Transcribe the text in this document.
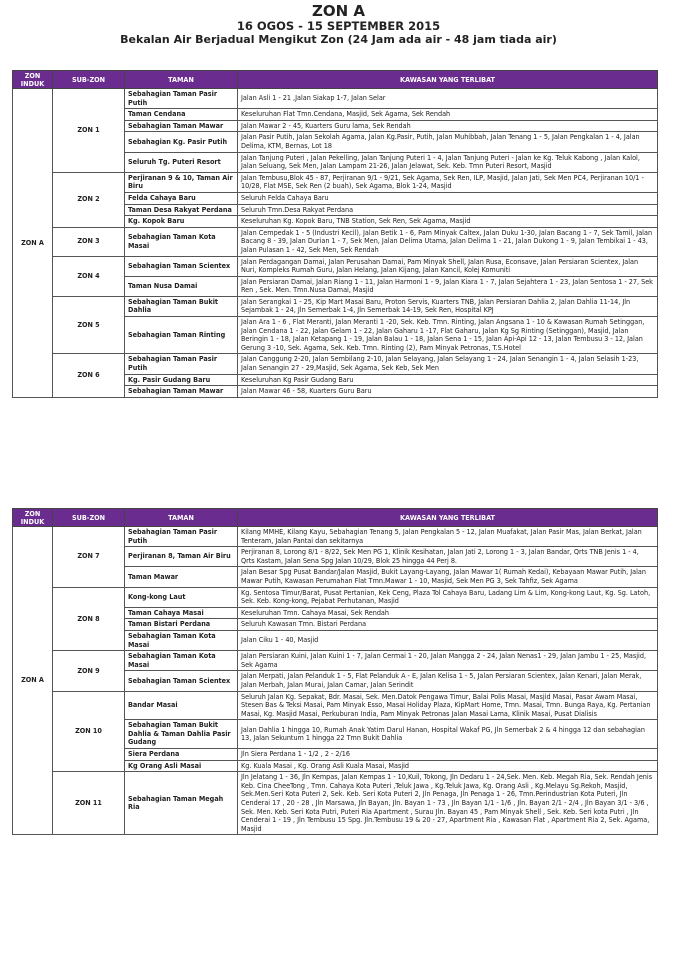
ZON A
16 OGOS - 15 SEPTEMBER 2015
Bekalan Air Berjadual Mengikut Zon (24 Jam ada air - 48 jam tiada air)
ZON INDUK	SUB-ZON	TAMAN	KAWASAN YANG TERLIBAT
ZON A	ZON 1	Sebahagian Taman Pasir Putih	Jalan Asli 1 - 21 ,Jalan Siakap 1-7, Jalan Selar
		Taman Cendana	Keseluruhan Flat Tmn.Cendana, Masjid, Sek Agama, Sek Rendah
		Sebahagian Taman Mawar	Jalan Mawar 2 - 45, Kuarters Guru lama, Sek Rendah
		Sebahagian Kg. Pasir Putih	Jalan Pasir Putih, Jalan Sekolah Agama, Jalan Kg.Pasir, Putih, Jalan Muhibbah, Jalan Tenang 1 - 5, Jalan Pengkalan 1 - 4, Jalan Delima, KTM, Bernas, Lot 18
		Seluruh Tg. Puteri Resort	Jalan Tanjung Puteri , Jalan Pekelling, Jalan Tanjung Puteri 1 - 4, Jalan Tanjung Puteri - Jalan ke Kg. Teluk Kabong , Jalan Kalol, Jalan Seluang, Sek Men, Jalan Lampam 21-26, Jalan Jelawat, Sek. Keb. Tmn Puteri Resort, Masjid
	ZON 2	Perjiranan 9 & 10, Taman Air Biru	Jalan Tembusu,Blok 45 - 87, Perjiranan 9/1 - 9/21, Sek Agama, Sek Ren, ILP, Masjid, Jalan Jati, Sek Men PC4, Perjiranan 10/1 - 10/28, Flat MSE, Sek Ren (2 buah), Sek Agama, Blok 1-24, Masjid
		Felda Cahaya Baru	Seluruh Felda Cahaya Baru
		Taman Desa Rakyat Perdana	Seluruh Tmn.Desa Rakyat Perdana
		Kg. Kopok Baru	Keseluruhan Kg. Kopok Baru, TNB Station, Sek Ren, Sek Agama, Masjid
	ZON 3	Sebahagian Taman Kota Masai	Jalan Cempedak 1 - 5 (Industri Kecil), Jalan Betik 1 - 6, Pam Minyak Caltex, Jalan Duku 1-30, Jalan Bacang 1 - 7, Sek Tamil, Jalan Bacang 8 - 39, Jalan Durian 1 - 7, Sek Men, Jalan Delima Utama, Jalan Delima 1 - 21, Jalan Dukong 1 - 9, Jalan Tembikai 1 - 43, Jalan Pulasan 1 - 42, Sek Men, Sek Rendah
	ZON 4	Sebahagian Taman Scientex	Jalan Perdagangan Damai, Jalan Perusahan Damai, Pam Minyak Shell, Jalan Rusa, Econsave, Jalan Persiaran Scientex, Jalan Nuri, Kompleks Rumah Guru, Jalan Helang, Jalan Kijang, Jalan Kancil, Kolej Komuniti
		Taman Nusa Damai	Jalan Persiaran Damai, Jalan Riang 1 - 11, Jalan Harmoni 1 - 9, Jalan Kiara 1 - 7, Jalan Sejahtera 1 - 23, Jalan Sentosa 1 - 27, Sek Ren , Sek. Men. Tmn.Nusa Damai, Masjid
	ZON 5	Sebahagian Taman Bukit Dahlia	Jalan Serangkai 1 - 25, Kip Mart Masai Baru, Proton Servis, Kuarters TNB, Jalan Persiaran Dahlia 2, Jalan Dahlia 11-14, Jln Sejambak 1 - 24, Jln Semerbak 1-4, Jln Semerbak 14-19, Sek Ren, Hospital KPJ
		Sebahagian Taman Rinting	Jalan Ara 1 - 6 , Flat Meranti, Jalan Meranti 1 -20, Sek. Keb. Tmn. Rinting, Jalan Angsana 1 - 10 & Kawasan Rumah Setinggan, Jalan Cendana 1 - 22, Jalan Gelam 1 - 22, Jalan Gaharu 1 -17, Flat Gaharu, Jalan Kg Sg Rinting (Setinggan), Masjid, Jalan Beringin 1 - 18, Jalan Ketapang 1 - 19, Jalan Balau 1 - 18, Jalan Sena 1 - 15, Jalan Api-Api 12 - 13, Jalan Tembusu 3 - 12, Jalan Gerung 3 -10, Sek. Agama, Sek. Keb. Tmn. Rinting (2), Pam Minyak Petronas, T.S.Hotel
	ZON 6	Sebahagian Taman Pasir Putih	Jalan Canggung 2-20, Jalan Sembilang 2-10, Jalan Selayang, Jalan Selayang 1 - 24, Jalan Senangin 1 - 4, Jalan Selasih 1-23, Jalan Senangin 27 - 29,Masjid, Sek Agama, Sek Keb, Sek Men
		Kg. Pasir Gudang Baru	Keseluruhan Kg Pasir Gudang Baru
		Sebahagian Taman Mawar	Jalan Mawar 46 - 58, Kuarters Guru Baru
ZON INDUK	SUB-ZON	TAMAN	KAWASAN YANG TERLIBAT
ZON A	ZON 7	Sebahagian Taman Pasir Putih	Kilang MMHE, Kilang Kayu, Sebahagian Tenang 5, Jalan Pengkalan 5 - 12, Jalan Muafakat, Jalan Pasir Mas, Jalan Berkat, Jalan Tenteram, Jalan Pantai dan sekitarnya
		Perjiranan 8, Taman Air Biru	Perjiranan 8, Lorong 8/1 - 8/22, Sek Men PG 1, Klinik Kesihatan, Jalan Jati 2, Lorong 1 - 3, Jalan Bandar, Qrts TNB Jenis 1 - 4, Qrts Kastam, Jalan Sena Spg Jalan 10/29, Blok 25 hingga 44 Perj 8.
		Taman Mawar	Jalan Besar Spg Pusat Bandar/Jalan Masjid, Bukit Layang-Layang, Jalan Mawar 1( Rumah Kedai), Kebayaan Mawar Putih, Jalan Mawar Putih, Kawasan Perumahan Flat Tmn.Mawar 1 - 10, Masjid, Sek Men PG 3, Sek Tahfiz, Sek Agama
	ZON 8	Kong-kong Laut	Kg. Sentosa Timur/Barat, Pusat Pertanian, Kek Ceng, Plaza Tol Cahaya Baru, Ladang Lim & Lim, Kong-kong Laut, Kg. Sg. Latoh, Sek. Keb. Kong-kong, Pejabat Perhutanan, Masjid
		Taman Cahaya Masai	Keseluruhan Tmn. Cahaya Masai, Sek Rendah
		Taman Bistari Perdana	Seluruh Kawasan Tmn. Bistari Perdana
		Sebahagian Taman Kota Masai	Jalan Ciku 1 - 40, Masjid
	ZON 9	Sebahagian Taman Kota Masai	Jalan Persiaran Kuini, Jalan Kuini 1 - 7, Jalan Cermai 1 - 20, Jalan Mangga 2 - 24, Jalan Nenas1 - 29, Jalan Jambu 1 - 25, Masjid, Sek Agama
		Sebahagian Taman Scientex	Jalan Merpati, Jalan Pelanduk 1 - 5, Flat Pelanduk A - E, Jalan Kelisa 1 - 5, Jalan Persiaran Scientex, Jalan Kenari, Jalan Merak, Jalan Merbah, Jalan Murai, Jalan Camar, Jalan Serindit
	ZON 10	Bandar Masai	Seluruh Jalan Kg. Sepakat, Bdr. Masai, Sek. Men.Datok Pengawa Timur, Balai Polis Masai, Masjid Masai, Pasar Awam Masai, Stesen Bas & Teksi Masai, Pam Minyak Esso, Masai Holiday Plaza, KipMart Home, Tmn. Masai, Tmn. Bunga Raya, Kg. Pertanian Masai, Kg. Masjid Masai, Perkuburan India, Pam Minyak Petronas Jalan Masai Lama, Klinik Masai, Pusat Dialisis
		Sebahagian Taman Bukit Dahlia & Taman Dahlia Pasir Gudang	Jalan Dahlia 1 hingga 10, Rumah Anak Yatim Darul Hanan, Hospital Wakaf PG, Jln Semerbak 2 & 4 hingga 12 dan sebahagian 13, Jalan Sekuntum 1 hingga 22 Tmn Bukit Dahlia
		Siera Perdana	Jln Siera Perdana 1 - 1/2 , 2 - 2/16
		Kg Orang Asli Masai	Kg. Kuala Masai , Kg. Orang Asli Kuala Masai, Masjid
	ZON 11	Sebahagian Taman Megah Ria	Jln Jelatang 1 - 36, Jln Kempas, Jalan Kempas 1 - 10,Kuil, Tokong, Jln Dedaru 1 - 24,Sek. Men. Keb. Megah Ria, Sek. Rendah Jenis Keb. Cina CheeTong , Tmn. Cahaya Kota Puteri ,Teluk Jawa , Kg.Teluk Jawa, Kg. Orang Asli , Kg.Melayu Sg.Rekoh, Masjid, Sek.Men.Seri Kota Puteri 2, Sek. Keb. Seri Kota Puteri 2, Jln Penaga, Jln Penaga 1 - 26, Tmn.Perindustrian Kota Puteri, Jln Cenderai 17 , 20 - 28 , Jln Marsawa, Jln Bayan, Jln. Bayan 1 - 73 , Jln Bayan 1/1 - 1/6 , Jln. Bayan 2/1 - 2/4 , Jln Bayan 3/1 - 3/6 , Sek. Men. Keb. Seri Kota Putri, Puteri Ria Apartment , Surau Jln. Bayan 45 , Pam Minyak Shell , Sek. Keb. Seri kota Putri , Jln Cenderai 1 - 19 , Jln Tembusu 15 Spg. Jln.Tembusu 19 & 20 - 27, Apartment Ria , Kawasan Flat , Apartment Ria 2, Sek. Agama, Masjid
